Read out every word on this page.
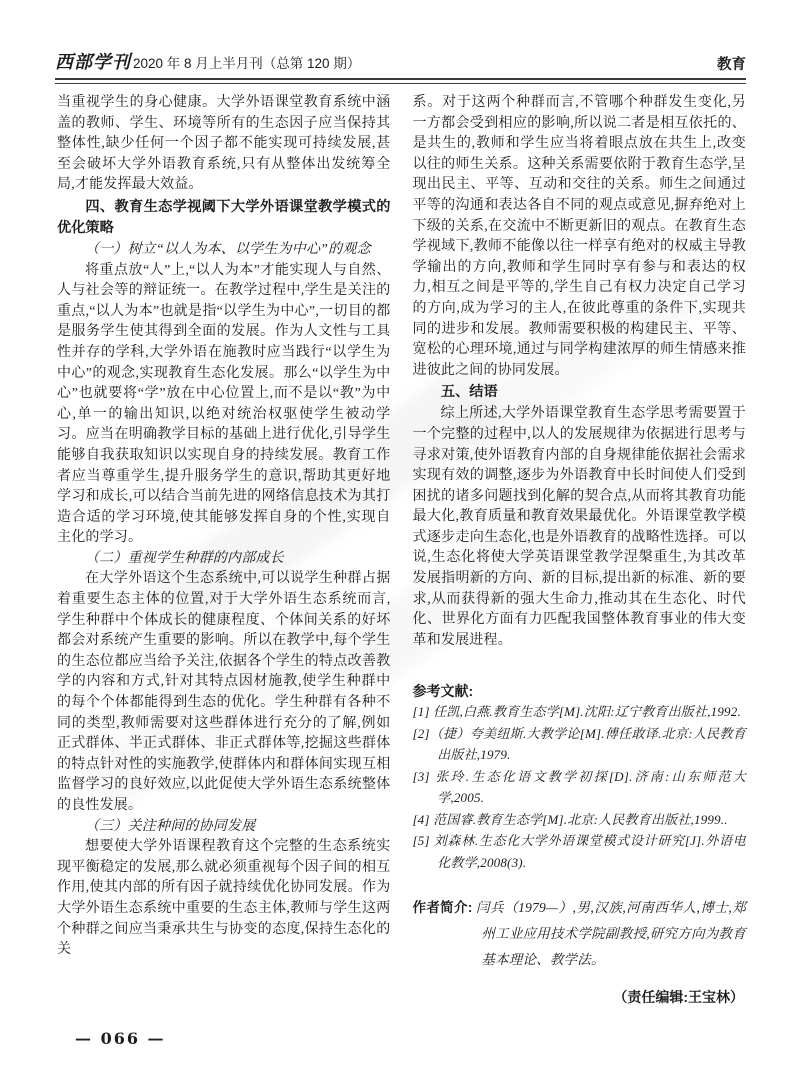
西部学刊 2020 年 8 月上半月刊（总第 120 期）	教育

当重视学生的身心健康。大学外语课堂教育系统中涵盖的教师、学生、环境等所有的生态因子应当保持其整体性,缺少任何一个因子都不能实现可持续发展,甚至会破坏大学外语教育系统,只有从整体出发统筹全局,才能发挥最大效益。

四、教育生态学视阈下大学外语课堂教学模式的优化策略

（一）树立“以人为本、以学生为中心”的观念

将重点放“人”上,“以人为本”才能实现人与自然、人与社会等的辩证统一。在教学过程中,学生是关注的重点,“以人为本”也就是指“以学生为中心”,一切目的都是服务学生使其得到全面的发展。作为人文性与工具性并存的学科,大学外语在施教时应当践行“以学生为中心”的观念,实现教育生态化发展。那么“以学生为中心”也就要将“学”放在中心位置上,而不是以“教”为中心,单一的输出知识,以绝对统治权驱使学生被动学习。应当在明确教学目标的基础上进行优化,引导学生能够自我获取知识以实现自身的持续发展。教育工作者应当尊重学生,提升服务学生的意识,帮助其更好地学习和成长,可以结合当前先进的网络信息技术为其打造合适的学习环境,使其能够发挥自身的个性,实现自主化的学习。

（二）重视学生种群的内部成长

在大学外语这个生态系统中,可以说学生种群占据着重要生态主体的位置,对于大学外语生态系统而言,学生种群中个体成长的健康程度、个体间关系的好坏都会对系统产生重要的影响。所以在教学中,每个学生的生态位都应当给予关注,依据各个学生的特点改善教学的内容和方式,针对其特点因材施教,使学生种群中的每个个体都能得到生态的优化。学生种群有各种不同的类型,教师需要对这些群体进行充分的了解,例如正式群体、半正式群体、非正式群体等,挖掘这些群体的特点针对性的实施教学,使群体内和群体间实现互相监督学习的良好效应,以此促使大学外语生态系统整体的良性发展。

（三）关注种间的协同发展

想要使大学外语课程教育这个完整的生态系统实现平衡稳定的发展,那么就必须重视每个因子间的相互作用,使其内部的所有因子就持续优化协同发展。作为大学外语生态系统中重要的生态主体,教师与学生这两个种群之间应当秉承共生与协变的态度,保持生态化的关

系。对于这两个种群而言,不管哪个种群发生变化,另一方都会受到相应的影响,所以说二者是相互依托的、是共生的,教师和学生应当将着眼点放在共生上,改变以往的师生关系。这种关系需要依附于教育生态学,呈现出民主、平等、互动和交往的关系。师生之间通过平等的沟通和表达各自不同的观点或意见,摒弃绝对上下级的关系,在交流中不断更新旧的观点。在教育生态学视域下,教师不能像以往一样享有绝对的权威主导教学输出的方向,教师和学生同时享有参与和表达的权力,相互之间是平等的,学生自己有权力决定自己学习的方向,成为学习的主人,在彼此尊重的条件下,实现共同的进步和发展。教师需要积极的构建民主、平等、宽松的心理环境,通过与同学构建浓厚的师生情感来推进彼此之间的协同发展。

五、结语

综上所述,大学外语课堂教育生态学思考需要置于一个完整的过程中,以人的发展规律为依据进行思考与寻求对策,使外语教育内部的自身规律能依据社会需求实现有效的调整,逐步为外语教育中长时间使人们受到困扰的诸多问题找到化解的契合点,从而将其教育功能最大化,教育质量和教育效果最优化。外语课堂教学模式逐步走向生态化,也是外语教育的战略性选择。可以说,生态化将使大学英语课堂教学涅槃重生,为其改革发展指明新的方向、新的目标,提出新的标准、新的要求,从而获得新的强大生命力,推动其在生态化、时代化、世界化方面有力匹配我国整体教育事业的伟大变革和发展进程。

参考文献:

[1] 任凯,白燕.教育生态学[M].沈阳:辽宁教育出版社,1992.

[2]（捷）夸美纽斯.大教学论[M].傅任敢译.北京:人民教育出版社,1979.

[3] 张玲.生态化语文教学初探[D].济南:山东师范大学,2005.

[4] 范国睿.教育生态学[M].北京:人民教育出版社,1999..

[5] 刘森林.生态化大学外语课堂模式设计研究[J].外语电化教学,2008(3).

作者简介: 闫兵（1979—）,男,汉族,河南西华人,博士,郑州工业应用技术学院副教授,研究方向为教育基本理论、教学法。

（责任编辑:王宝林）

— 066 —
